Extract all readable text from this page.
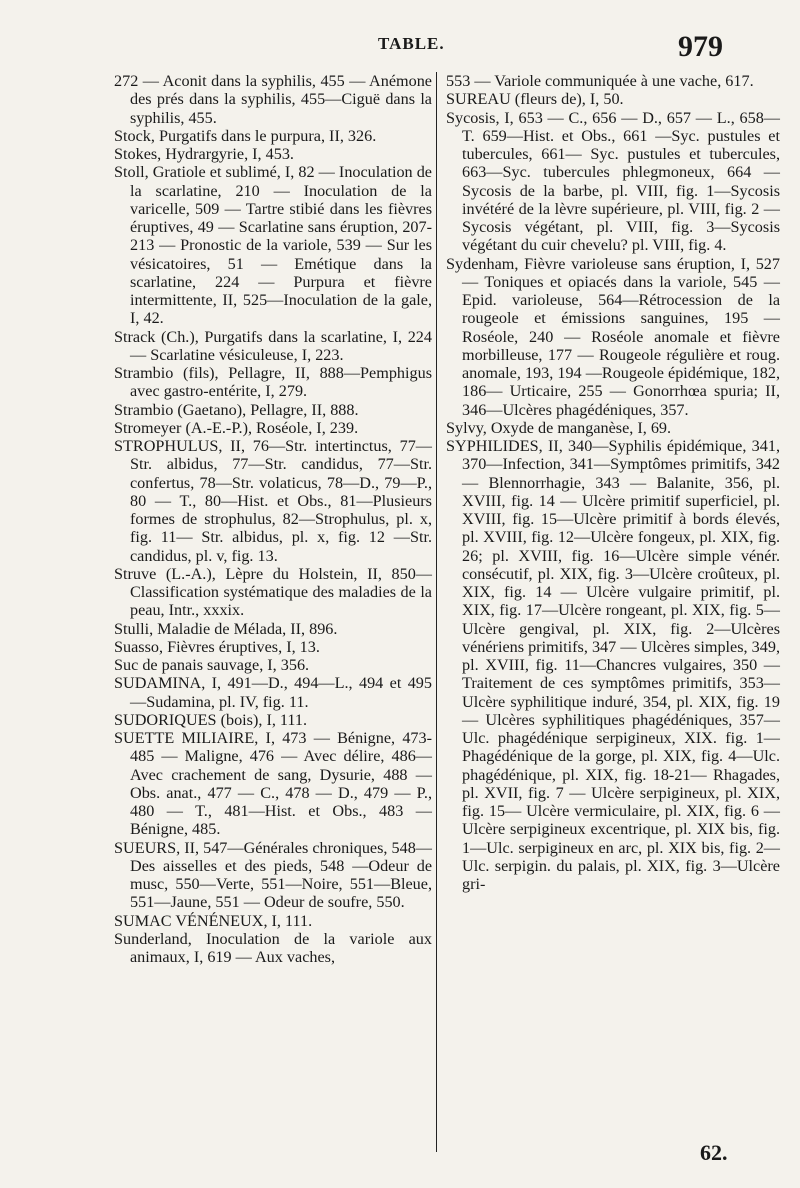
TABLE.	979

272 — Aconit dans la syphilis, 455 — Anémone des prés dans la syphilis, 455—Ciguë dans la syphilis, 455.

Stock, Purgatifs dans le purpura, II, 326.

Stokes, Hydrargyrie, I, 453.

Stoll, Gratiole et sublimé, I, 82 — Inoculation de la scarlatine, 210 — Inoculation de la varicelle, 509 — Tartre stibié dans les fièvres éruptives, 49 — Scarlatine sans éruption, 207-213 — Pronostic de la variole, 539 — Sur les vésicatoires, 51 — Emétique dans la scarlatine, 224 — Purpura et fièvre intermittente, II, 525—Inoculation de la gale, I, 42.

Strack (Ch.), Purgatifs dans la scarlatine, I, 224 — Scarlatine vésiculeuse, I, 223.

Strambio (fils), Pellagre, II, 888—Pemphigus avec gastro-entérite, I, 279.

Strambio (Gaetano), Pellagre, II, 888.

Stromeyer (A.-E.-P.), Roséole, I, 239.

STROPHULUS, II, 76—Str. intertinctus, 77—Str. albidus, 77—Str. candidus, 77—Str. confertus, 78—Str. volaticus, 78—D., 79—P., 80 — T., 80—Hist. et Obs., 81—Plusieurs formes de strophulus, 82—Strophulus, pl. x, fig. 11— Str. albidus, pl. x, fig. 12 —Str. candidus, pl. v, fig. 13.

Struve (L.-A.), Lèpre du Holstein, II, 850—Classification systématique des maladies de la peau, Intr., xxxix.

Stulli, Maladie de Mélada, II, 896.

Suasso, Fièvres éruptives, I, 13.

Suc de panais sauvage, I, 356.

SUDAMINA, I, 491—D., 494—L., 494 et 495—Sudamina, pl. IV, fig. 11.

SUDORIQUES (bois), I, 111.

SUETTE MILIAIRE, I, 473 — Bénigne, 473-485 — Maligne, 476 — Avec délire, 486—Avec crachement de sang, Dysurie, 488 — Obs. anat., 477 — C., 478 — D., 479 — P., 480 — T., 481—Hist. et Obs., 483 — Bénigne, 485.

SUEURS, II, 547—Générales chroniques, 548—Des aisselles et des pieds, 548 —Odeur de musc, 550—Verte, 551—Noire, 551—Bleue, 551—Jaune, 551 — Odeur de soufre, 550.

SUMAC VÉNÉNEUX, I, 111.

Sunderland, Inoculation de la variole aux animaux, I, 619 — Aux vaches,

553 — Variole communiquée à une vache, 617.

SUREAU (fleurs de), I, 50.

Sycosis, I, 653 — C., 656 — D., 657 — L., 658—T. 659—Hist. et Obs., 661 —Syc. pustules et tubercules, 661— Syc. pustules et tubercules, 663—Syc. tubercules phlegmoneux, 664 — Sycosis de la barbe, pl. VIII, fig. 1—Sycosis invétéré de la lèvre supérieure, pl. VIII, fig. 2 — Sycosis végétant, pl. VIII, fig. 3—Sycosis végétant du cuir chevelu? pl. VIII, fig. 4.

Sydenham, Fièvre varioleuse sans éruption, I, 527 — Toniques et opiacés dans la variole, 545 — Epid. varioleuse, 564—Rétrocession de la rougeole et émissions sanguines, 195 — Roséole, 240 — Roséole anomale et fièvre morbilleuse, 177 — Rougeole régulière et roug. anomale, 193, 194 —Rougeole épidémique, 182, 186— Urticaire, 255 — Gonorrhœa spuria; II, 346—Ulcères phagédéniques, 357.

Sylvy, Oxyde de manganèse, I, 69.

SYPHILIDES, II, 340—Syphilis épidémique, 341, 370—Infection, 341—Symptômes primitifs, 342 — Blennorrhagie, 343 — Balanite, 356, pl. XVIII, fig. 14 — Ulcère primitif superficiel, pl. XVIII, fig. 15—Ulcère primitif à bords élevés, pl. XVIII, fig. 12—Ulcère fongeux, pl. XIX, fig. 26; pl. XVIII, fig. 16—Ulcère simple vénér. consécutif, pl. XIX, fig. 3—Ulcère croûteux, pl. XIX, fig. 14 — Ulcère vulgaire primitif, pl. XIX, fig. 17—Ulcère rongeant, pl. XIX, fig. 5—Ulcère gengival, pl. XIX, fig. 2—Ulcères vénériens primitifs, 347 — Ulcères simples, 349, pl. XVIII, fig. 11—Chancres vulgaires, 350 — Traitement de ces symptômes primitifs, 353—Ulcère syphilitique induré, 354, pl. XIX, fig. 19— Ulcères syphilitiques phagédéniques, 357—Ulc. phagédénique serpigineux, XIX. fig. 1—Phagédénique de la gorge, pl. XIX, fig. 4—Ulc. phagédénique, pl. XIX, fig. 18-21— Rhagades, pl. XVII, fig. 7 — Ulcère serpigineux, pl. XIX, fig. 15— Ulcère vermiculaire, pl. XIX, fig. 6 —Ulcère serpigineux excentrique, pl. XIX bis, fig. 1—Ulc. serpigineux en arc, pl. XIX bis, fig. 2—Ulc. serpigin. du palais, pl. XIX, fig. 3—Ulcère gri-

62.
